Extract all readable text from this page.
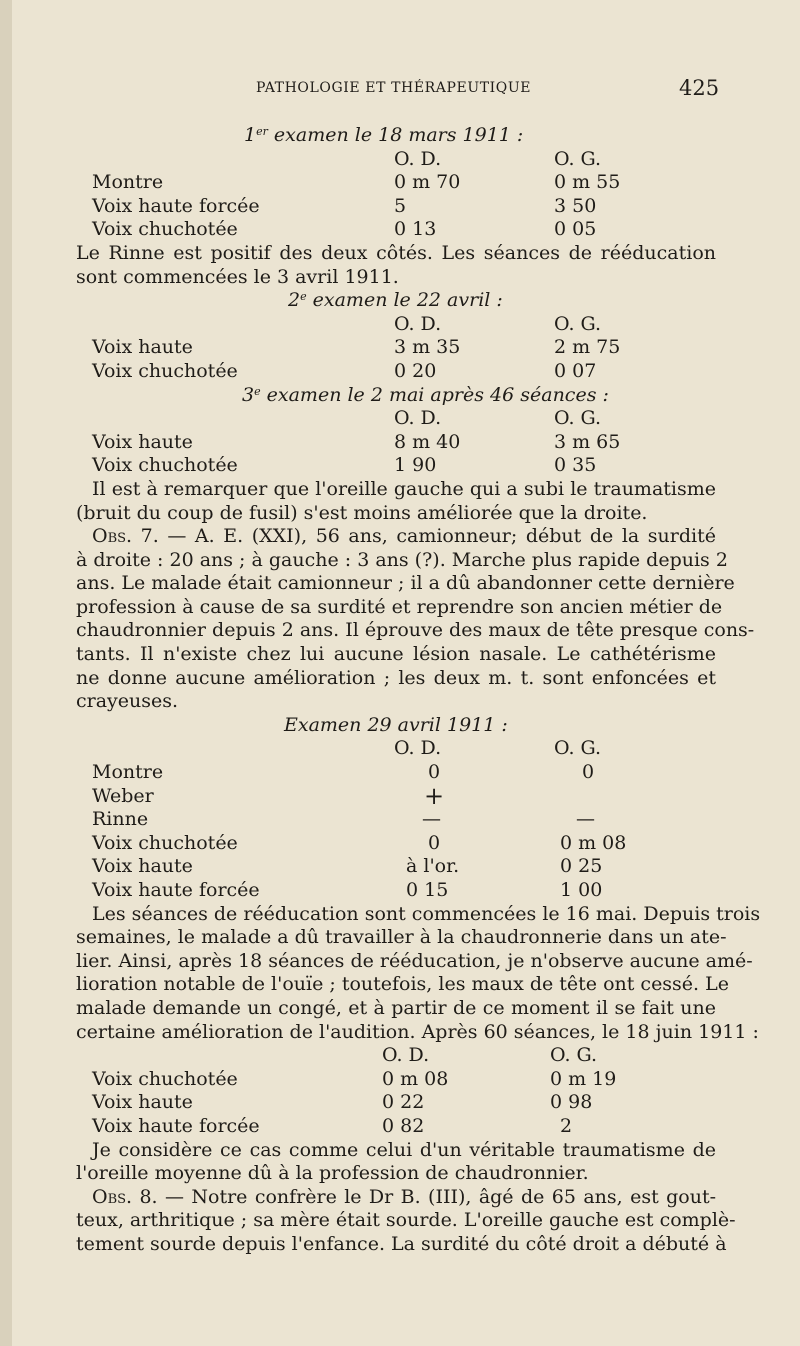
PATHOLOGIE ET THÉRAPEUTIQUE	425
1er examen le 18 mars 1911 :
O. D.	O. G.
Montre	0 m 70	0 m 55
Voix haute forcée	5	3 50
Voix chuchotée	0 13	0 05
Le Rinne est positif des deux côtés. Les séances de rééducation
sont commencées le 3 avril 1911.
2e examen le 22 avril :
O. D.	O. G.
Voix haute	3 m 35	2 m 75
Voix chuchotée	0 20	0 07
3e examen le 2 mai après 46 séances :
O. D.	O. G.
Voix haute	8 m 40	3 m 65
Voix chuchotée	1 90	0 35
Il est à remarquer que l'oreille gauche qui a subi le traumatisme
(bruit du coup de fusil) s'est moins améliorée que la droite.
Obs. 7. — A. E. (XXI), 56 ans, camionneur; début de la surdité
à droite : 20 ans ; à gauche : 3 ans (?). Marche plus rapide depuis 2
ans. Le malade était camionneur ; il a dû abandonner cette dernière
profession à cause de sa surdité et reprendre son ancien métier de
chaudronnier depuis 2 ans. Il éprouve des maux de tête presque cons-
tants. Il n'existe chez lui aucune lésion nasale. Le cathétérisme
ne donne aucune amélioration ; les deux m. t. sont enfoncées et
crayeuses.
Examen 29 avril 1911 :
O. D.	O. G.
Montre	0	0
Weber	+
Rinne	—	—
Voix chuchotée	0	0 m 08
Voix haute	à l'or.	0 25
Voix haute forcée	0 15	1 00
Les séances de rééducation sont commencées le 16 mai. Depuis trois
semaines, le malade a dû travailler à la chaudronnerie dans un ate-
lier. Ainsi, après 18 séances de rééducation, je n'observe aucune amé-
lioration notable de l'ouïe ; toutefois, les maux de tête ont cessé. Le
malade demande un congé, et à partir de ce moment il se fait une
certaine amélioration de l'audition. Après 60 séances, le 18 juin 1911 :
O. D.	O. G.
Voix chuchotée	0 m 08	0 m 19
Voix haute	0 22	0 98
Voix haute forcée	0 82	2
Je considère ce cas comme celui d'un véritable traumatisme de
l'oreille moyenne dû à la profession de chaudronnier.
Obs. 8. — Notre confrère le Dr B. (III), âgé de 65 ans, est gout-
teux, arthritique ; sa mère était sourde. L'oreille gauche est complè-
tement sourde depuis l'enfance. La surdité du côté droit a débuté à
